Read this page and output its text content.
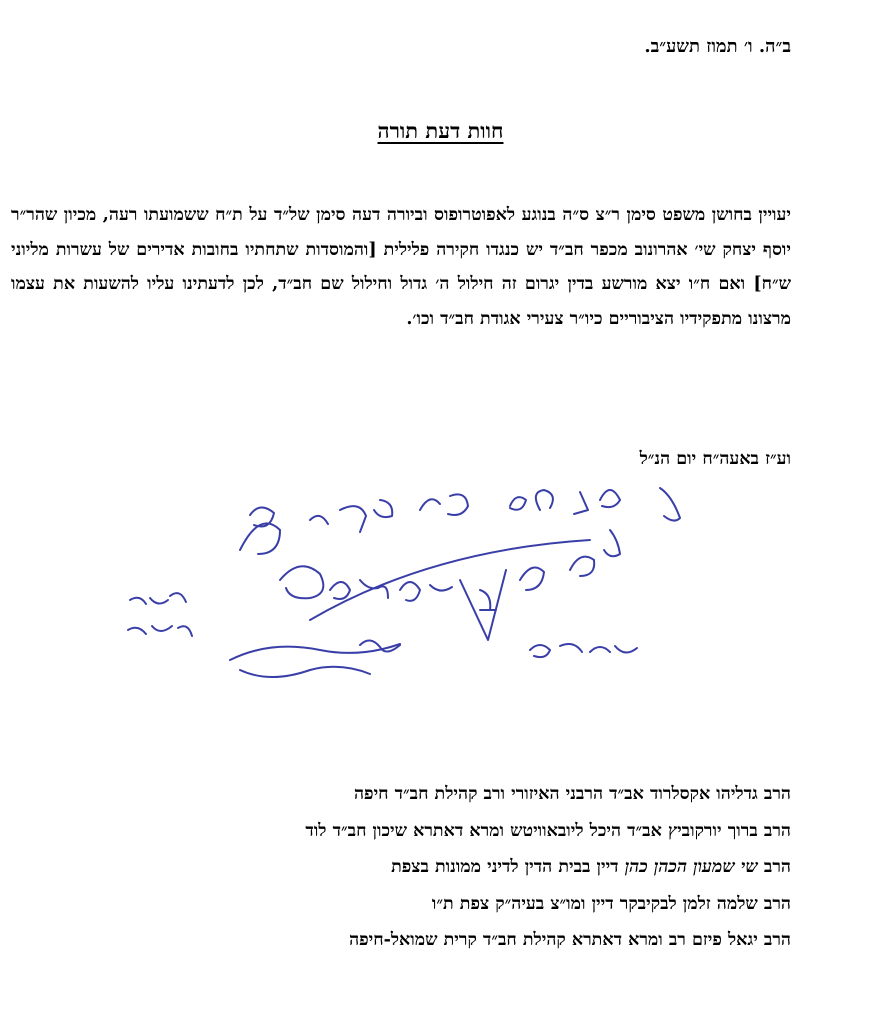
ב״ה. ו׳ תמוז תשע״ב.
חוות דעת תורה

יעויין בחושן משפט סימן ר״צ ס״ה בנוגע לאפוטרופוס וביורה דעה סימן של״ד על ת״ח ששמועתו רעה, מכיון שהר״ר יוסף יצחק שי׳ אהרונוב מכפר חב״ד יש כנגדו חקירה פלילית [והמוסדות שתחתיו בחובות אדירים של עשרות מליוני ש״ח] ואם ח״ו יצא מורשע בדין יגרום זה חילול ה׳ גדול וחילול שם חב״ד, לכן לדעתינו עליו להשעות את עצמו מרצונו מתפקידיו הציבוריים כיו״ר צעירי אגודת חב״ד וכו׳.

וע״ז באעה״ח יום הנ״ל
הרב גדליהו אקסלרוד אב״ד הרבני האיזורי ורב קהילת חב״ד חיפה
הרב ברוך יורקוביץ אב״ד היכל ליובאוויטש ומרא דאתרא שיכון חב״ד לוד
הרב שי שמעון הכהן כהן דיין בבית הדין לדיני ממונות בצפת
הרב שלמה זלמן לבקיבקר דיין ומו״צ בעיה״ק צפת ת״ו
הרב יגאל פיזם רב ומרא דאתרא קהילת חב״ד קרית שמואל-חיפה
